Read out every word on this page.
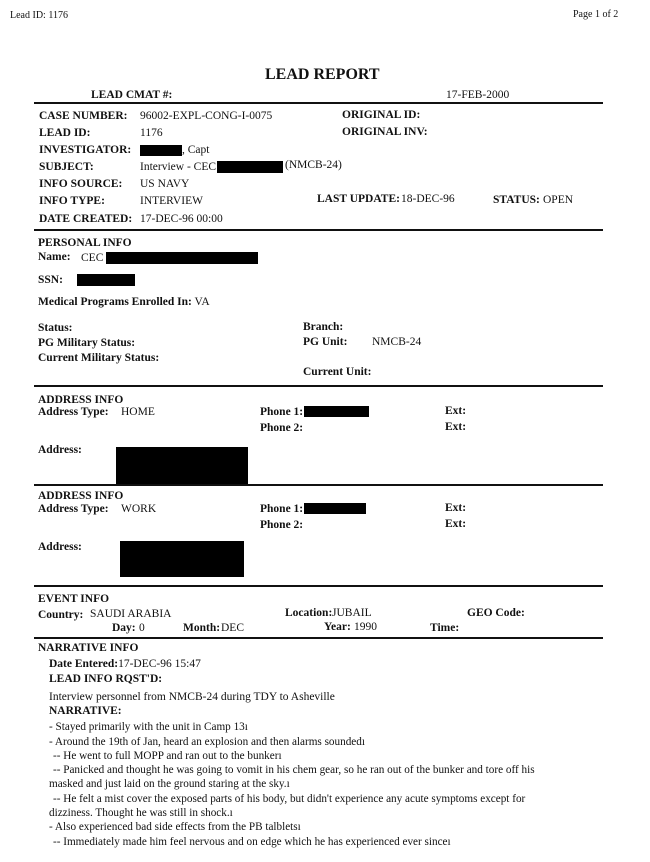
Lead ID: 1176	Page 1 of 2
LEAD REPORT
LEAD CMAT #:	17-FEB-2000
CASE NUMBER: 96002-EXPL-CONG-I-0075	ORIGINAL ID:
LEAD ID:	1176	ORIGINAL INV:
INVESTIGATOR:	, Capt
SUBJECT:	Interview - CEC	(NMCB-24)
INFO SOURCE: US NAVY
INFO TYPE:	INTERVIEW	LAST UPDATE: 18-DEC-96	STATUS: OPEN
DATE CREATED: 17-DEC-96 00:00
PERSONAL INFO
Name: CEC
SSN:
Medical Programs Enrolled In: VA
Status:
PG Military Status:
Current Military Status:
Branch:
PG Unit: NMCB-24
Current Unit:
ADDRESS INFO
Address Type: HOME	Phone 1:	Ext:
Phone 2:	Ext:
Address:
ADDRESS INFO
Address Type: WORK	Phone 1:	Ext:
Phone 2:	Ext:
Address:
EVENT INFO
Country: SAUDI ARABIA	Location: JUBAIL	GEO Code:
Day: 0	Month: DEC	Year: 1990	Time:
NARRATIVE INFO
Date Entered:17-DEC-96 15:47
LEAD INFO RQST'D:
Interview personnel from NMCB-24 during TDY to Asheville
NARRATIVE:
- Stayed primarily with the unit in Camp 13ı
- Around the 19th of Jan, heard an explosion and then alarms soundedı
-- He went to full MOPP and ran out to the bunkerı
-- Panicked and thought he was going to vomit in his chem gear, so he ran out of the bunker and tore off his
masked and just laid on the ground staring at the sky.ı
-- He felt a mist cover the exposed parts of his body, but didn't experience any acute symptoms except for
dizziness. Thought he was still in shock.ı
- Also experienced bad side effects from the PB talbletsı
-- Immediately made him feel nervous and on edge which he has experienced ever sinceı
